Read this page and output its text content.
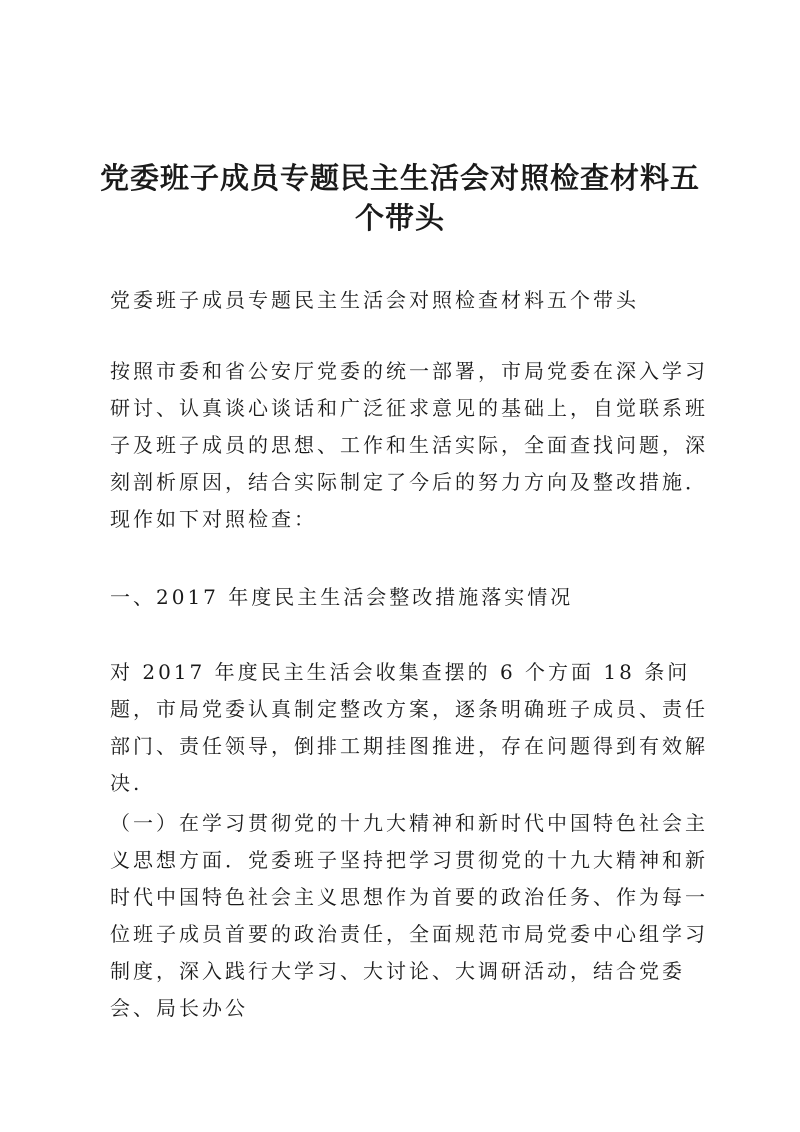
党委班子成员专题民主生活会对照检查材料五
个带头

党委班子成员专题民主生活会对照检查材料五个带头

按照市委和省公安厅党委的统一部署，市局党委在深入学习研讨、认真谈心谈话和广泛征求意见的基础上，自觉联系班子及班子成员的思想、工作和生活实际，全面查找问题，深刻剖析原因，结合实际制定了今后的努力方向及整改措施．现作如下对照检查：

一、2017 年度民主生活会整改措施落实情况

对 2017 年度民主生活会收集查摆的 6 个方面 18 条问题，市局党委认真制定整改方案，逐条明确班子成员、责任部门、责任领导，倒排工期挂图推进，存在问题得到有效解决.

（一）在学习贯彻党的十九大精神和新时代中国特色社会主义思想方面．党委班子坚持把学习贯彻党的十九大精神和新时代中国特色社会主义思想作为首要的政治任务、作为每一位班子成员首要的政治责任，全面规范市局党委中心组学习制度，深入践行大学习、大讨论、大调研活动，结合党委会、局长办公
